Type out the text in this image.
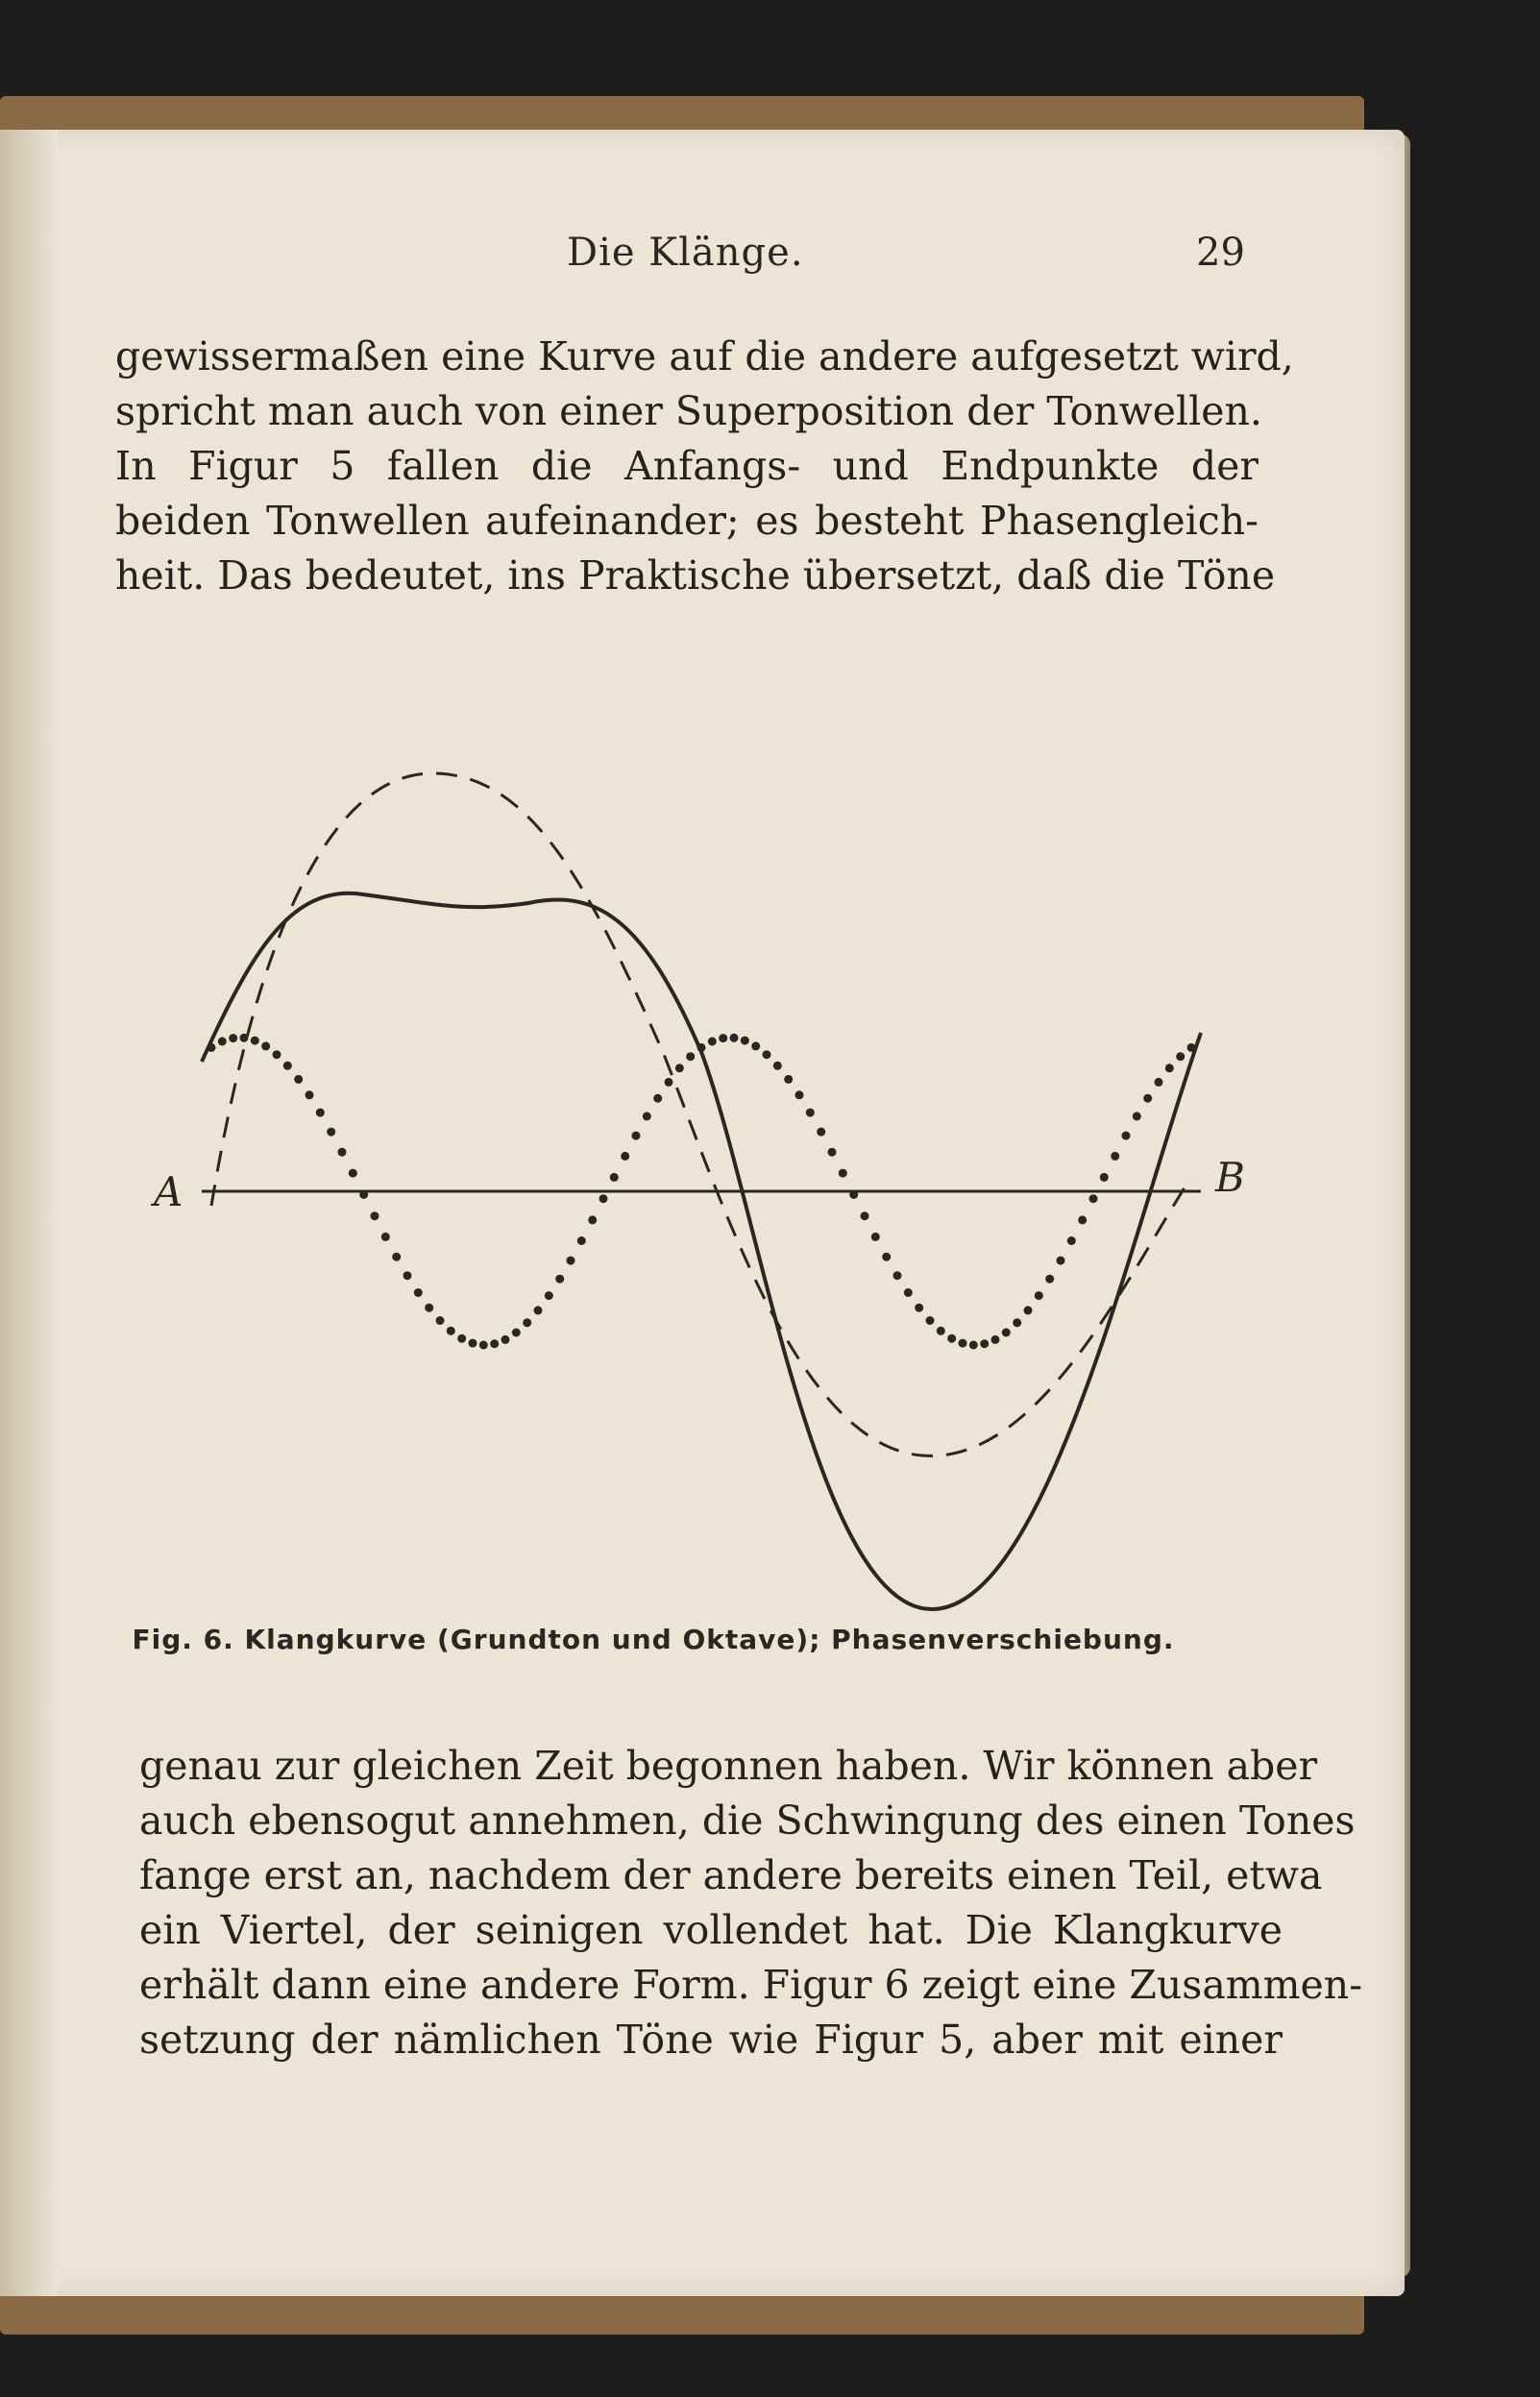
Die Klänge.	29
gewissermaßen eine Kurve auf die andere aufgesetzt wird,
spricht man auch von einer Superposition der Tonwellen.
In Figur 5 fallen die Anfangs- und Endpunkte der
beiden Tonwellen aufeinander; es besteht Phasengleich-
heit. Das bedeutet, ins Praktische übersetzt, daß die Töne
A	B
Fig. 6. Klangkurve (Grundton und Oktave); Phasenverschiebung.
genau zur gleichen Zeit begonnen haben. Wir können aber
auch ebensogut annehmen, die Schwingung des einen Tones
fange erst an, nachdem der andere bereits einen Teil, etwa
ein Viertel, der seinigen vollendet hat. Die Klangkurve
erhält dann eine andere Form. Figur 6 zeigt eine Zusammen-
setzung der nämlichen Töne wie Figur 5, aber mit einer
